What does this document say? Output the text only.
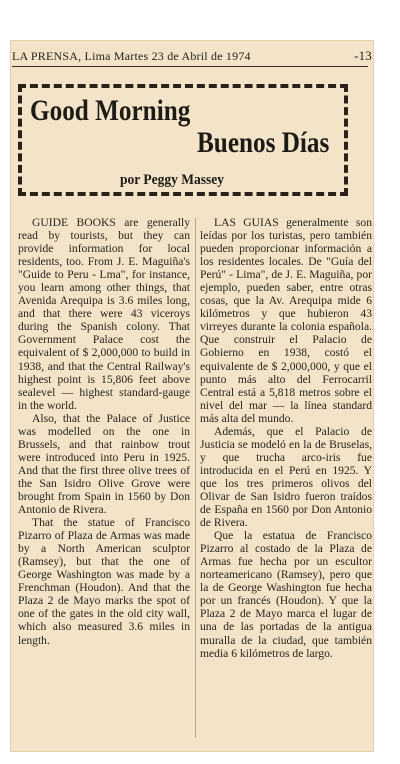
LA PRENSA, Lima Martes 23 de Abril de 1974	-13
Good Morning
Buenos Días
por Peggy Massey

GUIDE BOOKS are generally read by tourists, but they can provide information for local residents, too. From J. E. Maguiña's "Guide to Peru - Lma", for instance, you learn among other things, that Avenida Arequipa is 3.6 miles long, and that there were 43 viceroys during the Spanish colony. That Government Palace cost the equivalent of $ 2,000,000 to build in 1938, and that the Central Railway's highest point is 15,806 feet above sealevel — highest standard-gauge in the world.

Also, that the Palace of Justice was modelled on the one in Brussels, and that rainbow trout were introduced into Peru in 1925. And that the first three olive trees of the San Isidro Olive Grove were brought from Spain in 1560 by Don Antonio de Rivera.

That the statue of Francisco Pizarro of Plaza de Armas was made by a North American sculptor (Ramsey), but that the one of George Washington was made by a Frenchman (Houdon). And that the Plaza 2 de Mayo marks the spot of one of the gates in the old city wall, which also measured 3.6 miles in length.

LAS GUIAS generalmente son leídas por los turistas, pero también pueden proporcionar información a los residentes locales. De "Guía del Perú" - Lima", de J. E. Maguiña, por ejemplo, pueden saber, entre otras cosas, que la Av. Arequipa mide 6 kilómetros y que hubieron 43 virreyes durante la colonia española. Que construir el Palacio de Gobierno en 1938, costó el equivalente de $ 2,000,000, y que el punto más alto del Ferrocarril Central está a 5,818 metros sobre el nivel del mar — la línea standard más alta del mundo.

Además, que el Palacio de Justicia se modeló en la de Bruselas, y que trucha arco-iris fue introducida en el Perú en 1925. Y que los tres primeros olivos del Olivar de San Isidro fueron traídos de España en 1560 por Don Antonio de Rivera.

Que la estatua de Francisco Pizarro al costado de la Plaza de Armas fue hecha por un escultor norteamericano (Ramsey), pero que la de George Washington fue hecha por un francés (Houdon). Y que la Plaza 2 de Mayo marca el lugar de una de las portadas de la antigua muralla de la ciudad, que también media 6 kilómetros de largo.
